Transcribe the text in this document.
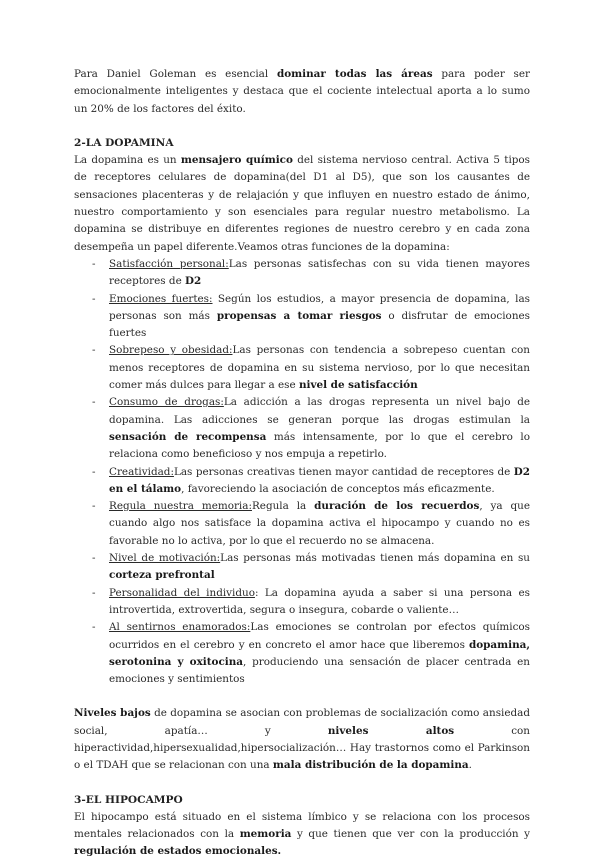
Para Daniel Goleman es esencial dominar todas las áreas para poder ser emocionalmente inteligentes y destaca que el cociente intelectual aporta a lo sumo un 20% de los factores del éxito.

2-LA DOPAMINA

La dopamina es un mensajero químico del sistema nervioso central. Activa 5 tipos de receptores celulares de dopamina(del D1 al D5), que son los causantes de sensaciones placenteras y de relajación y que influyen en nuestro estado de ánimo, nuestro comportamiento y son esenciales para regular nuestro metabolismo. La dopamina se distribuye en diferentes regiones de nuestro cerebro y en cada zona desempeña un papel diferente.Veamos otras funciones de la dopamina:

- Satisfacción personal:Las personas satisfechas con su vida tienen mayores receptores de D2
- Emociones fuertes: Según los estudios, a mayor presencia de dopamina, las personas son más propensas a tomar riesgos o disfrutar de emociones fuertes
- Sobrepeso y obesidad:Las personas con tendencia a sobrepeso cuentan con menos receptores de dopamina en su sistema nervioso, por lo que necesitan comer más dulces para llegar a ese nivel de satisfacción
- Consumo de drogas:La adicción a las drogas representa un nivel bajo de dopamina. Las adicciones se generan porque las drogas estimulan la sensación de recompensa más intensamente, por lo que el cerebro lo relaciona como beneficioso y nos empuja a repetirlo.
- Creatividad:Las personas creativas tienen mayor cantidad de receptores de D2 en el tálamo, favoreciendo la asociación de conceptos más eficazmente.
- Regula nuestra memoria:Regula la duración de los recuerdos, ya que cuando algo nos satisface la dopamina activa el hipocampo y cuando no es favorable no lo activa, por lo que el recuerdo no se almacena.
- Nivel de motivación:Las personas más motivadas tienen más dopamina en su corteza prefrontal
- Personalidad del individuo: La dopamina ayuda a saber si una persona es introvertida, extrovertida, segura o insegura, cobarde o valiente…
- Al sentirnos enamorados:Las emociones se controlan por efectos químicos ocurridos en el cerebro y en concreto el amor hace que liberemos dopamina, serotonina y oxitocina, produciendo una sensación de placer centrada en emociones y sentimientos

Niveles bajos de dopamina se asocian con problemas de socialización como ansiedad social, apatía… y niveles altos con hiperactividad,hipersexualidad,hipersocialización… Hay trastornos como el Parkinson o el TDAH que se relacionan con una mala distribución de la dopamina.

3-EL HIPOCAMPO

El hipocampo está situado en el sistema límbico y se relaciona con los procesos mentales relacionados con la memoria y que tienen que ver con la producción y regulación de estados emocionales.
